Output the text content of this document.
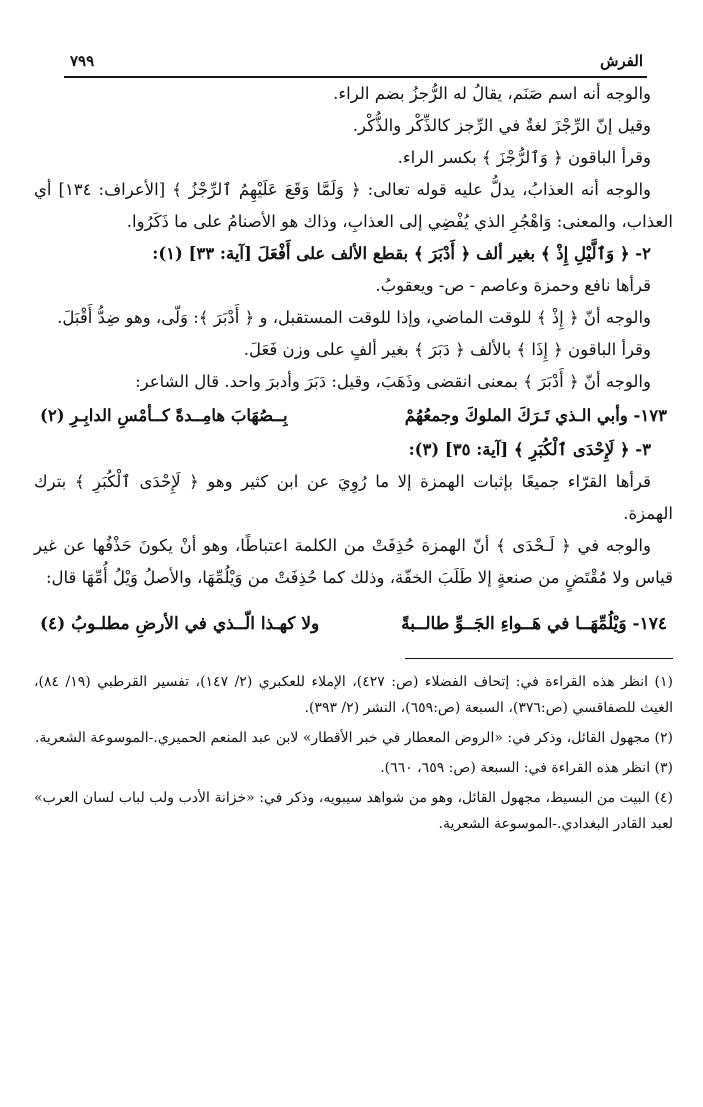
الفرش
٧٩٩

والوجه أنه اسم صَنَم، يقالُ له الرُّجزُ بضم الراء.

وقيل إنّ الرِّجْزَ لغةٌ في الرِّجز كالذِّكْر والذُّكْر.

وقرأ الباقون ﴿ وَٱلرُّجْزَ ﴾ بكسر الراء.

والوجه أنه العذابُ، يدلُّ عليه قوله تعالى: ﴿ وَلَمَّا وَقَعَ عَلَيْهِمُ ٱلرِّجْزُ ﴾ [الأعراف: ١٣٤] أي العذاب، والمعنى: وَاهْجُرِ الذي يُفْضِي إلى العذابِ، وذاك هو الأصنامُ على ما ذَكَرُوا.

٢- ﴿ وَٱلَّيْلِ إِذْ ﴾ بغير ألف ﴿ أَدْبَرَ ﴾ بقطع الألف على أَفْعَلَ [آية: ٣٣] (١):

قرأها نافع وحمزة وعاصم - ص- ويعقوبُ.

والوجه أنّ ﴿ إِذْ ﴾ للوقت الماضي، وإذا للوقت المستقبل، و ﴿ أَدْبَرَ ﴾: وَلّى، وهو ضِدُّ أَقْبَلَ.

وقرأ الباقون ﴿ إِذَا ﴾ بالألف ﴿ دَبَرَ ﴾ بغير ألفٍ على وزن فَعَلَ.

والوجه أنّ ﴿ أَدْبَرَ ﴾ بمعنى انقضى وذَهَبَ، وقيل: دَبَرَ وأدبرَ واحد. قال الشاعر:

١٧٣- وأبي الـذي تَـرَكَ الملوكَ وجمعُهُمْ
بِــصُهَابَ هامِــدةً كــأمْسِ الدابِـرِ (٢)

٣- ﴿ لَإِحْدَى ٱلْكُبَرِ ﴾ [آية: ٣٥] (٣):

قرأها القرّاء جميعًا بإثبات الهمزة إلا ما رُوِيَ عن ابن كثير وهو ﴿ لَإِحْدَى ٱلْكُبَرِ ﴾ بترك الهمزة.

والوجه في ﴿ لَـحْدَى ﴾ أنّ الهمزة حُذِفَتْ من الكلمة اعتباطًا، وهو أنْ يكونَ حَذْفُها عن غير قياس ولا مُقْتَضٍ من صنعةٍ إلا طَلَبَ الخفّة، وذلك كما حُذِفَتْ من وَيْلُمِّهَا، والأصلُ وَيْلُ أُمِّهَا قال:

١٧٤- وَيْلُمِّهَــا في هَــواءِ الجَــوِّ طالــبةً
ولا كهـذا الّــذي في الأرضِ مطلـوبُ (٤)

(١) انظر هذه القراءة في: إتحاف الفضلاء (ص: ٤٢٧)، الإملاء للعكبري (٢/ ١٤٧)، تفسير القرطبي (١٩/ ٨٤)، الغيث للصفاقسي (ص:٣٧٦)، السبعة (ص:٦٥٩)، النشر (٢/ ٣٩٣).

(٢) مجهول القائل، وذكر في: «الروض المعطار في خبر الأقطار» لابن عبد المنعم الحميري.-الموسوعة الشعرية.

(٣) انظر هذه القراءة في: السبعة (ص: ٦٥٩، ٦٦٠).

(٤) البيت من البسيط، مجهول القائل، وهو من شواهد سيبويه، وذكر في: «خزانة الأدب ولب لباب لسان العرب» لعبد القادر البغدادي.-الموسوعة الشعرية.
